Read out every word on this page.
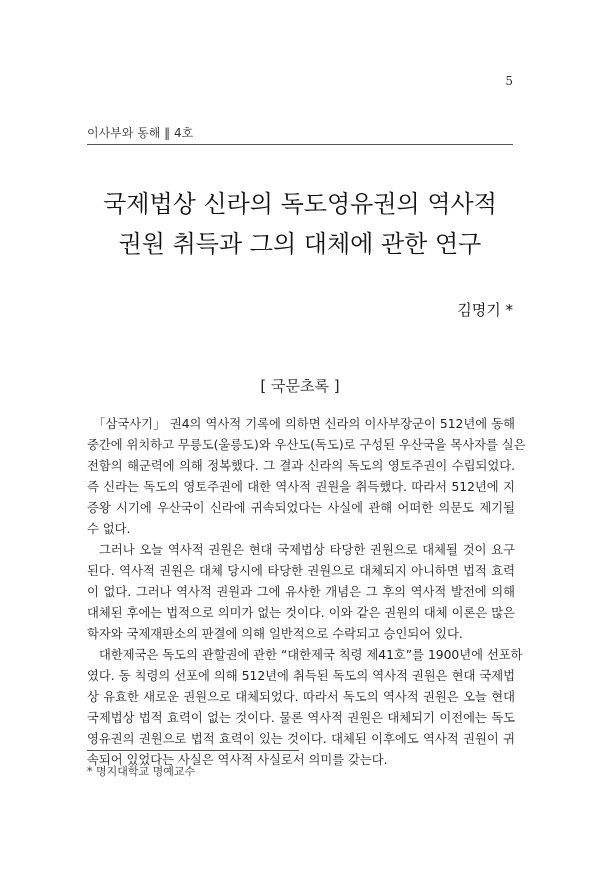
5
이사부와 동해 ‖ 4호
국제법상 신라의 독도영유권의 역사적
권원 취득과 그의 대체에 관한 연구
김명기 *
[ 국문초록 ]
「삼국사기」 권4의 역사적 기록에 의하면 신라의 이사부장군이 512년에 동해
중간에 위치하고 무릉도(울릉도)와 우산도(독도)로 구성된 우산국을 목사자를 실은
전함의 해군력에 의해 정복했다. 그 결과 신라의 독도의 영토주권이 수립되었다.
즉 신라는 독도의 영토주권에 대한 역사적 권원을 취득했다. 따라서 512년에 지
증왕 시기에 우산국이 신라에 귀속되었다는 사실에 관해 어떠한 의문도 제기될
수 없다.
그러나 오늘 역사적 권원은 현대 국제법상 타당한 권원으로 대체될 것이 요구
된다. 역사적 권원은 대체 당시에 타당한 권원으로 대체되지 아니하면 법적 효력
이 없다. 그러나 역사적 권원과 그에 유사한 개념은 그 후의 역사적 발전에 의해
대체된 후에는 법적으로 의미가 없는 것이다. 이와 같은 권원의 대체 이론은 많은
학자와 국제재판소의 판결에 의해 일반적으로 수락되고 승인되어 있다.
대한제국은 독도의 관할권에 관한 “대한제국 칙령 제41호”를 1900년에 선포하
였다. 동 칙령의 선포에 의해 512년에 취득된 독도의 역사적 권원은 현대 국제법
상 유효한 새로운 권원으로 대체되었다. 따라서 독도의 역사적 권원은 오늘 현대
국제법상 법적 효력이 없는 것이다. 물론 역사적 권원은 대체되기 이전에는 독도
영유권의 권원으로 법적 효력이 있는 것이다. 대체된 이후에도 역사적 권원이 귀
속되어 있었다는 사실은 역사적 사실로서 의미를 갖는다.
* 명지대학교 명예교수
